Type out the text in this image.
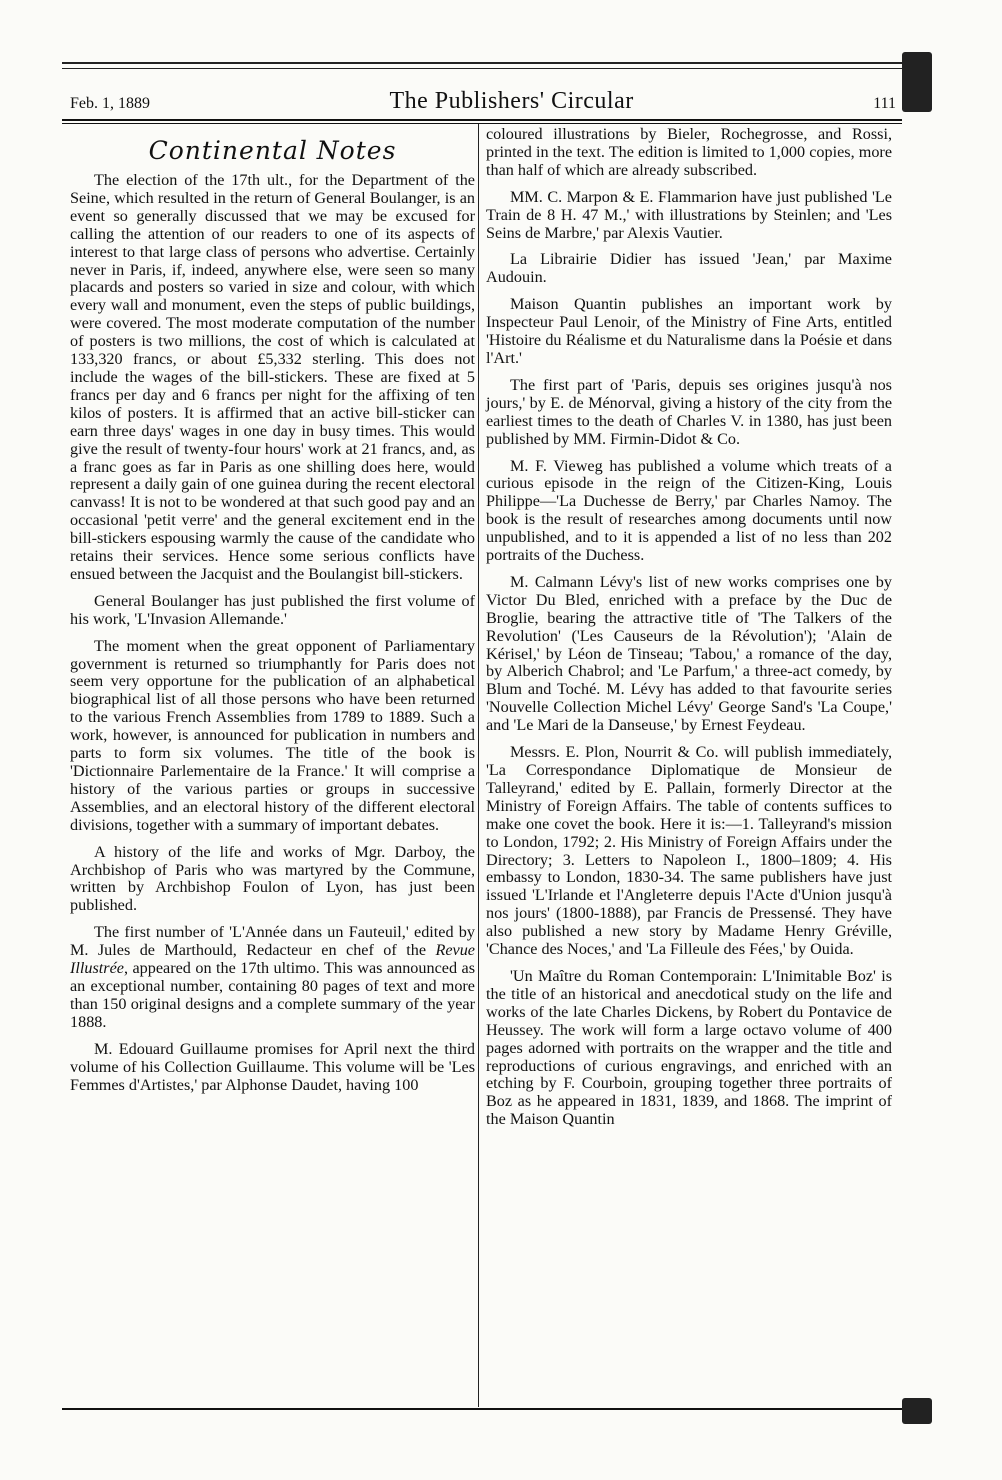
Feb. 1, 1889	The Publishers' Circular	111
Continental Notes

The election of the 17th ult., for the Department of the Seine, which resulted in the return of General Boulanger, is an event so generally discussed that we may be excused for calling the attention of our readers to one of its aspects of interest to that large class of persons who advertise. Certainly never in Paris, if, indeed, anywhere else, were seen so many placards and posters so varied in size and colour, with which every wall and monument, even the steps of public buildings, were covered. The most moderate computation of the number of posters is two millions, the cost of which is calculated at 133,320 francs, or about £5,332 sterling. This does not include the wages of the bill-stickers. These are fixed at 5 francs per day and 6 francs per night for the affixing of ten kilos of posters. It is affirmed that an active bill-sticker can earn three days' wages in one day in busy times. This would give the result of twenty-four hours' work at 21 francs, and, as a franc goes as far in Paris as one shilling does here, would represent a daily gain of one guinea during the recent electoral canvass! It is not to be wondered at that such good pay and an occasional 'petit verre' and the general excitement end in the bill-stickers espousing warmly the cause of the candidate who retains their services. Hence some serious conflicts have ensued between the Jacquist and the Boulangist bill-stickers.

General Boulanger has just published the first volume of his work, 'L'Invasion Allemande.'

The moment when the great opponent of Parliamentary government is returned so triumphantly for Paris does not seem very opportune for the publication of an alphabetical biographical list of all those persons who have been returned to the various French Assemblies from 1789 to 1889. Such a work, however, is announced for publication in numbers and parts to form six volumes. The title of the book is 'Dictionnaire Parlementaire de la France.' It will comprise a history of the various parties or groups in successive Assemblies, and an electoral history of the different electoral divisions, together with a summary of important debates.

A history of the life and works of Mgr. Darboy, the Archbishop of Paris who was martyred by the Commune, written by Archbishop Foulon of Lyon, has just been published.

The first number of 'L'Année dans un Fauteuil,' edited by M. Jules de Marthould, Redacteur en chef of the Revue Illustrée, appeared on the 17th ultimo. This was announced as an exceptional number, containing 80 pages of text and more than 150 original designs and a complete summary of the year 1888.

M. Edouard Guillaume promises for April next the third volume of his Collection Guillaume. This volume will be 'Les Femmes d'Artistes,' par Alphonse Daudet, having 100

coloured illustrations by Bieler, Rochegrosse, and Rossi, printed in the text. The edition is limited to 1,000 copies, more than half of which are already subscribed.

MM. C. Marpon & E. Flammarion have just published 'Le Train de 8 H. 47 M.,' with illustrations by Steinlen; and 'Les Seins de Marbre,' par Alexis Vautier.

La Librairie Didier has issued 'Jean,' par Maxime Audouin.

Maison Quantin publishes an important work by Inspecteur Paul Lenoir, of the Ministry of Fine Arts, entitled 'Histoire du Réalisme et du Naturalisme dans la Poésie et dans l'Art.'

The first part of 'Paris, depuis ses origines jusqu'à nos jours,' by E. de Ménorval, giving a history of the city from the earliest times to the death of Charles V. in 1380, has just been published by MM. Firmin-Didot & Co.

M. F. Vieweg has published a volume which treats of a curious episode in the reign of the Citizen-King, Louis Philippe—'La Duchesse de Berry,' par Charles Namoy. The book is the result of researches among documents until now unpublished, and to it is appended a list of no less than 202 portraits of the Duchess.

M. Calmann Lévy's list of new works comprises one by Victor Du Bled, enriched with a preface by the Duc de Broglie, bearing the attractive title of 'The Talkers of the Revolution' ('Les Causeurs de la Révolution'); 'Alain de Kérisel,' by Léon de Tinseau; 'Tabou,' a romance of the day, by Alberich Chabrol; and 'Le Parfum,' a three-act comedy, by Blum and Toché. M. Lévy has added to that favourite series 'Nouvelle Collection Michel Lévy' George Sand's 'La Coupe,' and 'Le Mari de la Danseuse,' by Ernest Feydeau.

Messrs. E. Plon, Nourrit & Co. will publish immediately, 'La Correspondance Diplomatique de Monsieur de Talleyrand,' edited by E. Pallain, formerly Director at the Ministry of Foreign Affairs. The table of contents suffices to make one covet the book. Here it is:—1. Talleyrand's mission to London, 1792; 2. His Ministry of Foreign Affairs under the Directory; 3. Letters to Napoleon I., 1800–1809; 4. His embassy to London, 1830-34. The same publishers have just issued 'L'Irlande et l'Angleterre depuis l'Acte d'Union jusqu'à nos jours' (1800-1888), par Francis de Pressensé. They have also published a new story by Madame Henry Gréville, 'Chance des Noces,' and 'La Filleule des Fées,' by Ouida.

'Un Maître du Roman Contemporain: L'Inimitable Boz' is the title of an historical and anecdotical study on the life and works of the late Charles Dickens, by Robert du Pontavice de Heussey. The work will form a large octavo volume of 400 pages adorned with portraits on the wrapper and the title and reproductions of curious engravings, and enriched with an etching by F. Courboin, grouping together three portraits of Boz as he appeared in 1831, 1839, and 1868. The imprint of the Maison Quantin
